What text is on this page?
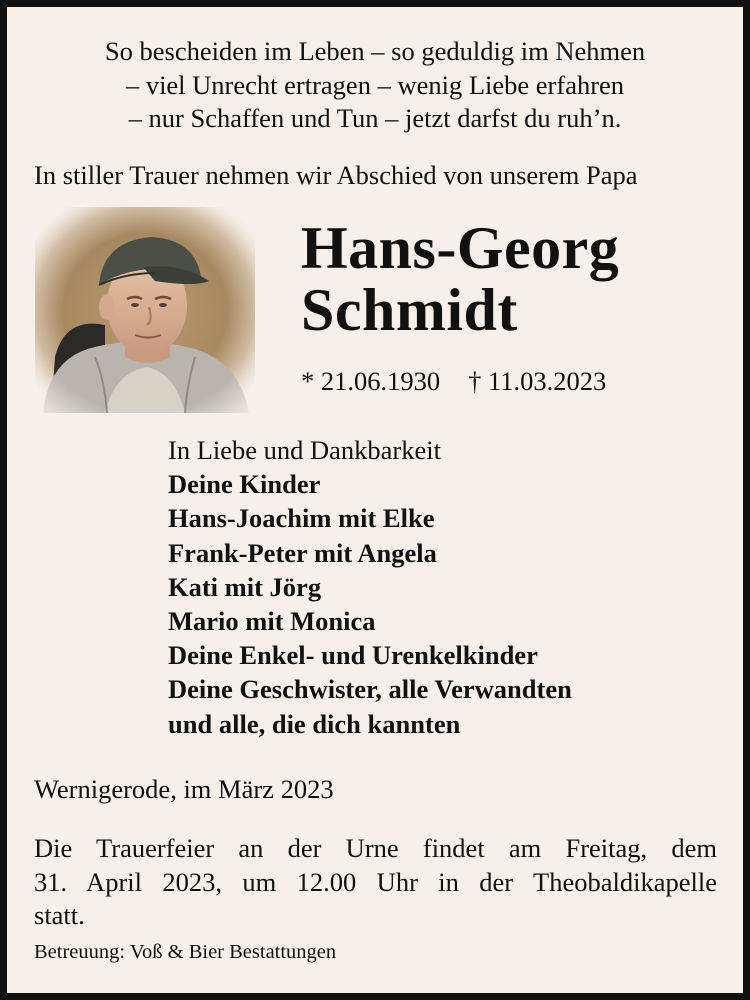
So bescheiden im Leben – so geduldig im Nehmen
– viel Unrecht ertragen – wenig Liebe erfahren
– nur Schaffen und Tun – jetzt darfst du ruh’n.
In stiller Trauer nehmen wir Abschied von unserem Papa
Hans-Georg
Schmidt
* 21.06.1930 † 11.03.2023
In Liebe und Dankbarkeit
Deine Kinder
Hans-Joachim mit Elke
Frank-Peter mit Angela
Kati mit Jörg
Mario mit Monica
Deine Enkel- und Urenkelkinder
Deine Geschwister, alle Verwandten
und alle, die dich kannten
Wernigerode, im März 2023
Die Trauerfeier an der Urne findet am Freitag, dem
31. April 2023, um 12.00 Uhr in der Theobaldikapelle
statt.
Betreuung: Voß & Bier Bestattungen
